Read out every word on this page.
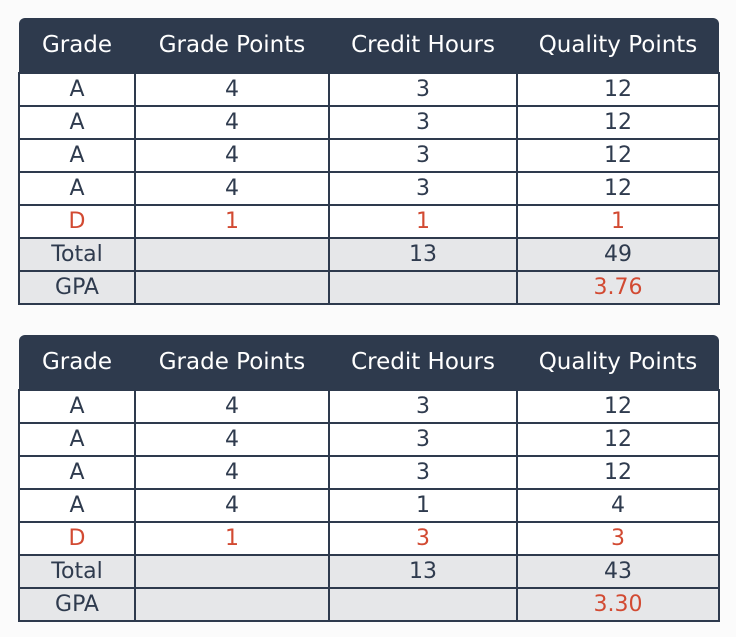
Grade	Grade Points	Credit Hours	Quality Points
A	4	3	12
A	4	3	12
A	4	3	12
A	4	3	12
D	1	1	1
Total		13	49
GPA			3.76
Grade	Grade Points	Credit Hours	Quality Points
A	4	3	12
A	4	3	12
A	4	3	12
A	4	1	4
D	1	3	3
Total		13	43
GPA			3.30
